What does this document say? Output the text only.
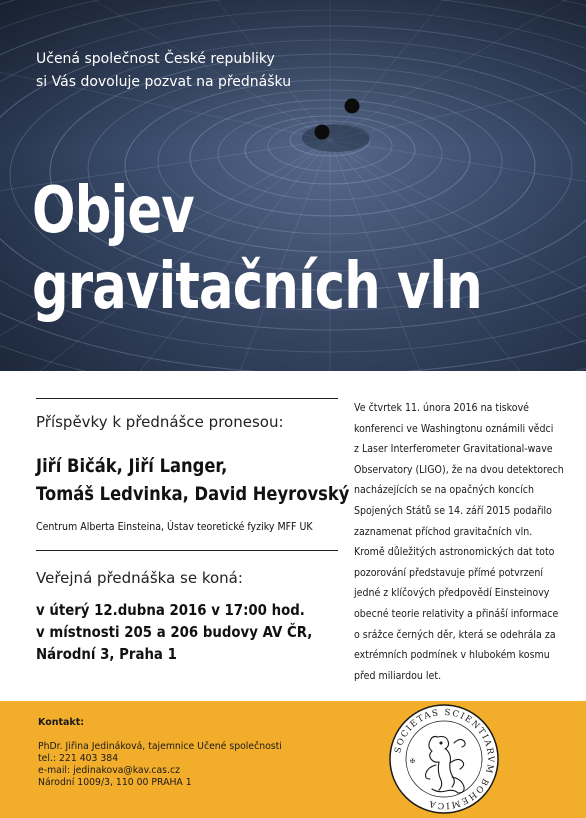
Učená společnost České republiky
si Vás dovoluje pozvat na přednášku
Objev
gravitačních vln
Příspěvky k přednášce pronesou:
Jiří Bičák, Jiří Langer,
Tomáš Ledvinka, David Heyrovský
Centrum Alberta Einsteina, Ústav teoretické fyziky MFF UK
Veřejná přednáška se koná:
v úterý 12.dubna 2016 v 17:00 hod.
v místnosti 205 a 206 budovy AV ČR,
Národní 3, Praha 1
Ve čtvrtek 11. února 2016 na tiskové
konferenci ve Washingtonu oznámili vědci
z Laser Interferometer Gravitational-wave
Observatory (LIGO), že na dvou detektorech
nacházejících se na opačných koncích
Spojených Států se 14. září 2015 podařilo
zaznamenat příchod gravitačních vln.
Kromě důležitých astronomických dat toto
pozorování představuje přímé potvrzení
jedné z klíčových předpovědí Einsteinovy
obecné teorie relativity a přináší informace
o srážce černých děr, která se odehrála za
extrémních podmínek v hlubokém kosmu
před miliardou let.
Kontakt:
PhDr. Jiřina Jedináková, tajemnice Učené společnosti
tel.: 221 403 384
e-mail: jedinakova@kav.cas.cz
Národní 1009/3, 110 00 PRAHA 1
SOCIETAS SCIENTIARVM BOHEMICA
✠
